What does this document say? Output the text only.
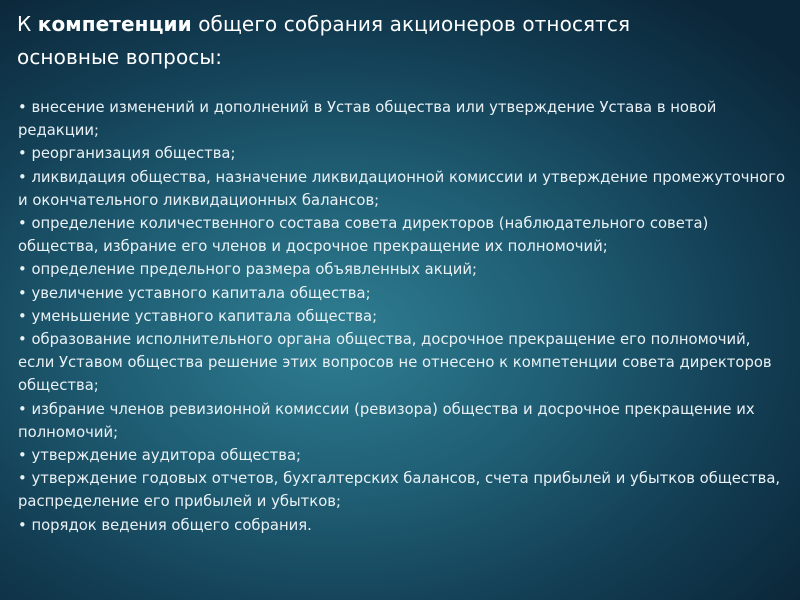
К компетенции общего собрания акционеров относятся основные вопросы:
• внесение изменений и дополнений в Устав общества или утверждение Устава в новой редакции;
• реорганизация общества;
• ликвидация общества, назначение ликвидационной комиссии и утверждение промежуточного и окончательного ликвидационных балансов;
• определение количественного состава совета директоров (наблюдательного совета) общества, избрание его членов и досрочное прекращение их полномочий;
• определение предельного размера объявленных акций;
• увеличение уставного капитала общества;
• уменьшение уставного капитала общества;
• образование исполнительного органа общества, досрочное прекращение его полномочий, если Уставом общества решение этих вопросов не отнесено к компетенции совета директоров общества;
• избрание членов ревизионной комиссии (ревизора) общества и досрочное прекращение их полномочий;
• утверждение аудитора общества;
• утверждение годовых отчетов, бухгалтерских балансов, счета прибылей и убытков общества, распределение его прибылей и убытков;
• порядок ведения общего собрания.
